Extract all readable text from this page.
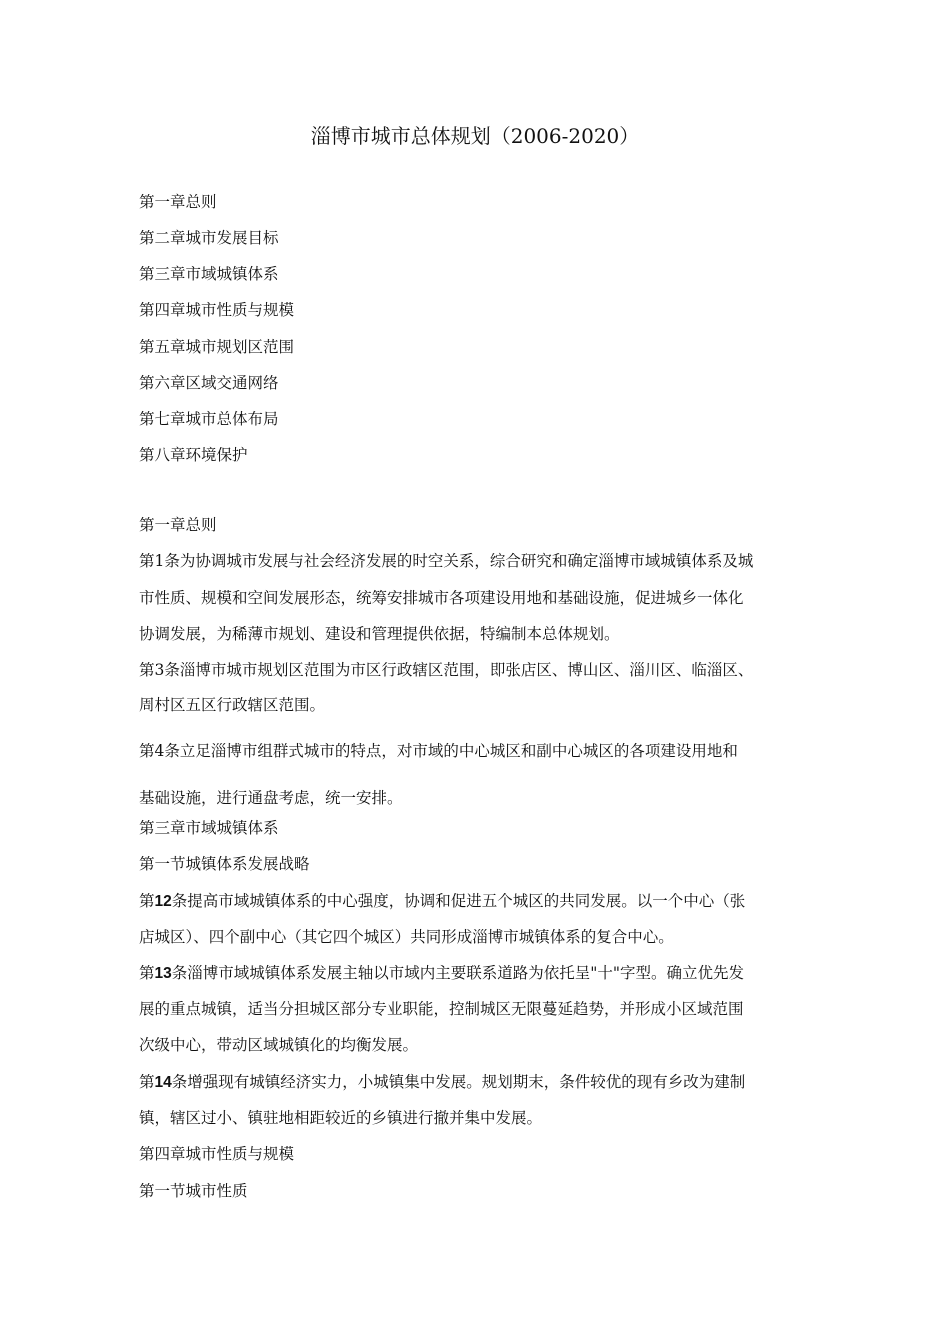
淄博市城市总体规划（2006-2020）
第一章总则
第二章城市发展目标
第三章市域城镇体系
第四章城市性质与规模
第五章城市规划区范围
第六章区域交通网络
第七章城市总体布局
第八章环境保护
第一章总则
第1条为协调城市发展与社会经济发展的时空关系，综合研究和确定淄博市域城镇体系及城
市性质、规模和空间发展形态，统筹安排城市各项建设用地和基础设施，促进城乡一体化
协调发展，为稀薄市规划、建设和管理提供依据，特编制本总体规划。
第3条淄博市城市规划区范围为市区行政辖区范围，即张店区、博山区、淄川区、临淄区、
周村区五区行政辖区范围。
第4条立足淄博市组群式城市的特点，对市域的中心城区和副中心城区的各项建设用地和
基础设施，进行通盘考虑，统一安排。
第三章市域城镇体系
第一节城镇体系发展战略
第12条提高市域城镇体系的中心强度，协调和促进五个城区的共同发展。以一个中心（张
店城区）、四个副中心（其它四个城区）共同形成淄博市城镇体系的复合中心。
第13条淄博市域城镇体系发展主轴以市域内主要联系道路为依托呈"十"字型。确立优先发
展的重点城镇，适当分担城区部分专业职能，控制城区无限蔓延趋势，并形成小区域范围
次级中心，带动区域城镇化的均衡发展。
第14条增强现有城镇经济实力，小城镇集中发展。规划期末，条件较优的现有乡改为建制
镇，辖区过小、镇驻地相距较近的乡镇进行撤并集中发展。
第四章城市性质与规模
第一节城市性质
